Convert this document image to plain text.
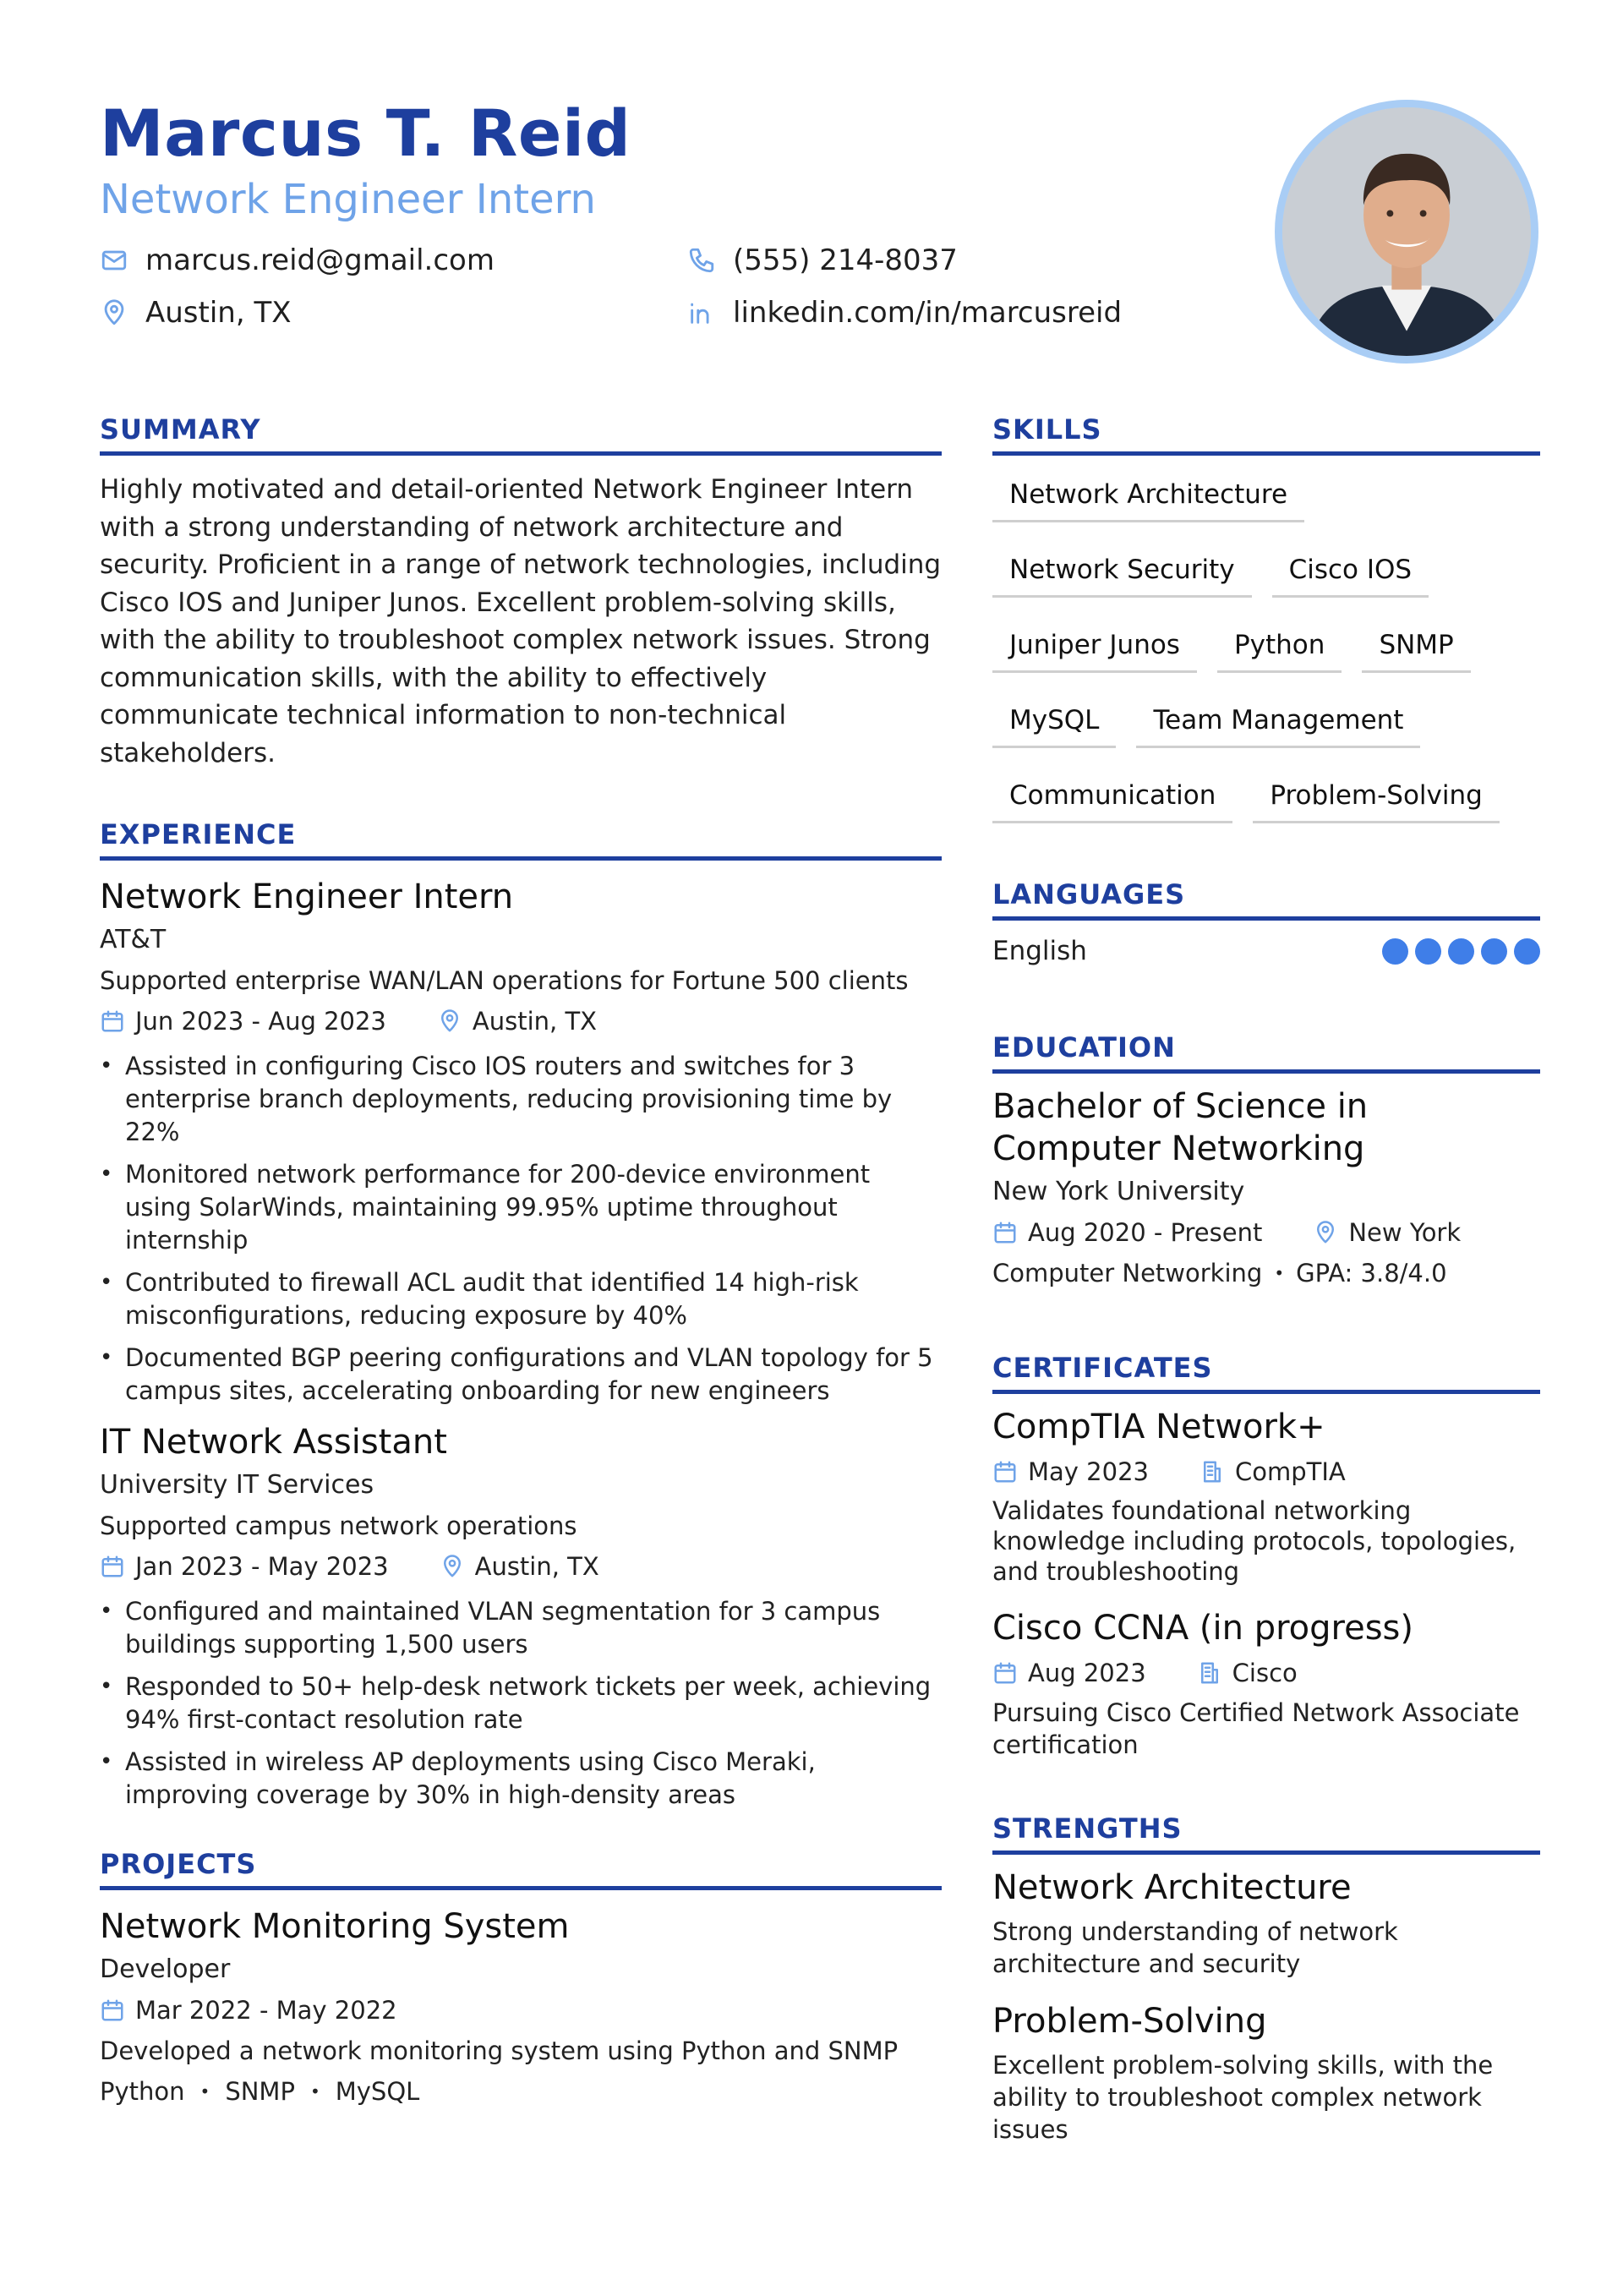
Marcus T. Reid
Network Engineer Intern
marcus.reid@gmail.com	(555) 214-8037
Austin, TX	linkedin.com/in/marcusreid
SUMMARY

Highly motivated and detail-oriented Network Engineer Intern with a strong understanding of network architecture and security. Proficient in a range of network technologies, including Cisco IOS and Juniper Junos. Excellent problem-solving skills, with the ability to troubleshoot complex network issues. Strong communication skills, with the ability to effectively communicate technical information to non-technical stakeholders.

EXPERIENCE
Network Engineer Intern
AT&T
Supported enterprise WAN/LAN operations for Fortune 500 clients
Jun 2023 - Aug 2023	Austin, TX
• Assisted in configuring Cisco IOS routers and switches for 3 enterprise branch deployments, reducing provisioning time by 22%
• Monitored network performance for 200-device environment using SolarWinds, maintaining 99.95% uptime throughout internship
• Contributed to firewall ACL audit that identified 14 high-risk misconfigurations, reducing exposure by 40%
• Documented BGP peering configurations and VLAN topology for 5 campus sites, accelerating onboarding for new engineers
IT Network Assistant
University IT Services
Supported campus network operations
Jan 2023 - May 2023	Austin, TX
• Configured and maintained VLAN segmentation for 3 campus buildings supporting 1,500 users
• Responded to 50+ help-desk network tickets per week, achieving 94% first-contact resolution rate
• Assisted in wireless AP deployments using Cisco Meraki, improving coverage by 30% in high-density areas
PROJECTS
Network Monitoring System
Developer
Mar 2022 - May 2022
Developed a network monitoring system using Python and SNMP
Python • SNMP • MySQL
SKILLS
Network Architecture
Network Security	Cisco IOS
Juniper Junos	Python	SNMP
MySQL	Team Management
Communication	Problem-Solving
LANGUAGES
English
EDUCATION
Bachelor of Science in Computer Networking
New York University
Aug 2020 - Present	New York
Computer Networking • GPA: 3.8/4.0
CERTIFICATES
CompTIA Network+
May 2023	CompTIA
Validates foundational networking knowledge including protocols, topologies, and troubleshooting
Cisco CCNA (in progress)
Aug 2023	Cisco
Pursuing Cisco Certified Network Associate certification
STRENGTHS
Network Architecture
Strong understanding of network architecture and security
Problem-Solving
Excellent problem-solving skills, with the ability to troubleshoot complex network issues
